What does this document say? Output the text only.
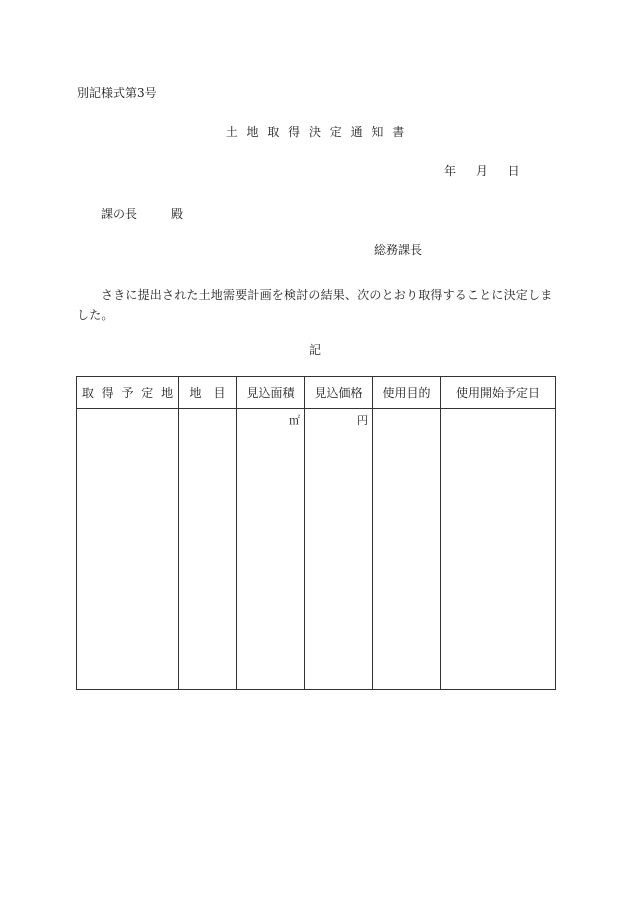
別記様式第3号
土 地 取 得 決 定 通 知 書
年 月 日
課の長	殿
総務課長
さきに提出された土地需要計画を検討の結果、次のとおり取得することに決定しました。
記
取 得 予 定 地	地　目	見込面積	見込価格	使用目的	使用開始予定日
		㎡	円		
